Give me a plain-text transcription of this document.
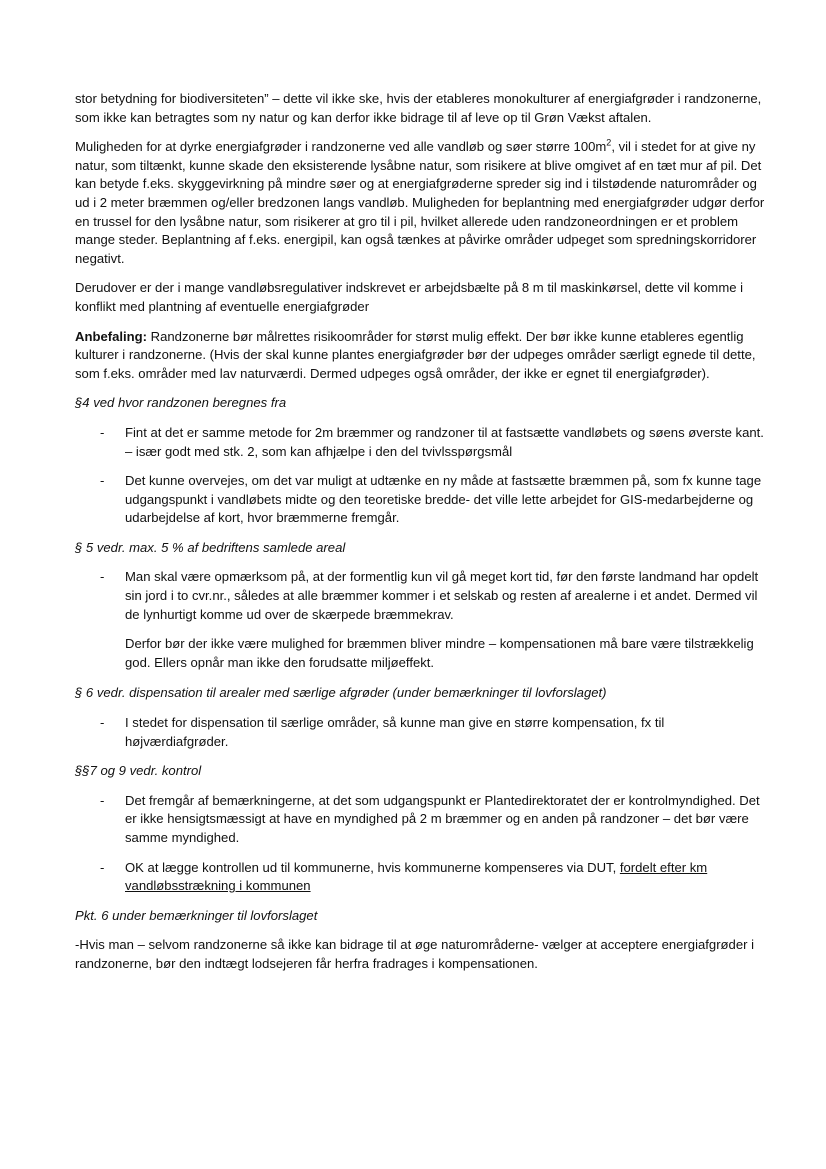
stor betydning for biodiversiteten” – dette vil ikke ske, hvis der etableres monokulturer af energiafgrøder i randzonerne, som ikke kan betragtes som ny natur og kan derfor ikke bidrage til af leve op til Grøn Vækst aftalen.

Muligheden for at dyrke energiafgrøder i randzonerne ved alle vandløb og søer større $100m^2$, vil i stedet for at give ny natur, som tiltænkt, kunne skade den eksisterende lysåbne natur, som risikere at blive omgivet af en tæt mur af pil. Det kan betyde f.eks. skyggevirkning på mindre søer og at energiafgrøderne spreder sig ind i tilstødende naturområder og ud i 2 meter bræmmen og/eller bredzonen langs vandløb. Muligheden for beplantning med energiafgrøder udgør derfor en trussel for den lysåbne natur, som risikerer at gro til i pil, hvilket allerede uden randzoneordningen er et problem mange steder. Beplantning af f.eks. energipil, kan også tænkes at påvirke områder udpeget som spredningskorridorer negativt.

Derudover er der i mange vandløbsregulativer indskrevet er arbejdsbælte på 8 m til maskinkørsel, dette vil komme i konflikt med plantning af eventuelle energiafgrøder

Anbefaling: Randzonerne bør målrettes risikoområder for størst mulig effekt. Der bør ikke kunne etableres egentlig kulturer i randzonerne. (Hvis der skal kunne plantes energiafgrøder bør der udpeges områder særligt egnede til dette, som f.eks. områder med lav naturværdi. Dermed udpeges også områder, der ikke er egnet til energiafgrøder).

§4 ved hvor randzonen beregnes fra

- Fint at det er samme metode for 2m bræmmer og randzoner til at fastsætte vandløbets og søens øverste kant. – især godt med stk. 2, som kan afhjælpe i den del tvivlsspørgsmål
- Det kunne overvejes, om det var muligt at udtænke en ny måde at fastsætte bræmmen på, som fx kunne tage udgangspunkt i vandløbets midte og den teoretiske bredde- det ville lette arbejdet for GIS-medarbejderne og udarbejdelse af kort, hvor bræmmerne fremgår.

§ 5 vedr. max. 5 % af bedriftens samlede areal

- Man skal være opmærksom på, at der formentlig kun vil gå meget kort tid, før den første landmand har opdelt sin jord i to cvr.nr., således at alle bræmmer kommer i et selskab og resten af arealerne i et andet. Dermed vil de lynhurtigt komme ud over de skærpede bræmmekrav.

Derfor bør der ikke være mulighed for bræmmen bliver mindre – kompensationen må bare være tilstrækkelig god. Ellers opnår man ikke den forudsatte miljøeffekt.

§ 6 vedr. dispensation til arealer med særlige afgrøder (under bemærkninger til lovforslaget)

- I stedet for dispensation til særlige områder, så kunne man give en større kompensation, fx til højværdiafgrøder.

§§7 og 9 vedr. kontrol

- Det fremgår af bemærkningerne, at det som udgangspunkt er Plantedirektoratet der er kontrolmyndighed. Det er ikke hensigtsmæssigt at have en myndighed på 2 m bræmmer og en anden på randzoner – det bør være samme myndighed.
- OK at lægge kontrollen ud til kommunerne, hvis kommunerne kompenseres via DUT, fordelt efter km vandløbsstrækning i kommunen

Pkt. 6 under bemærkninger til lovforslaget

-Hvis man – selvom randzonerne så ikke kan bidrage til at øge naturområderne- vælger at acceptere energiafgrøder i randzonerne, bør den indtægt lodsejeren får herfra fradrages i kompensationen.
